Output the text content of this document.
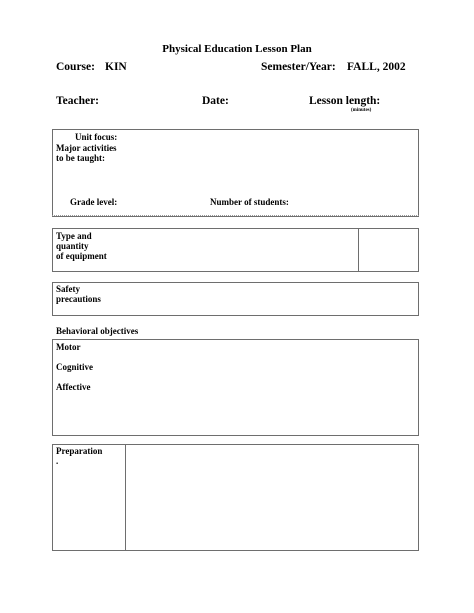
Physical Education Lesson Plan
Course: KIN	Semester/Year: FALL, 2002
Teacher:	Date:	Lesson length:
(minutes)
Unit focus:
Major activities
to be taught:
Grade level:	Number of students:
Type and
quantity
of equipment
Safety
precautions
Behavioral objectives
Motor
Cognitive
Affective
Preparation
.
